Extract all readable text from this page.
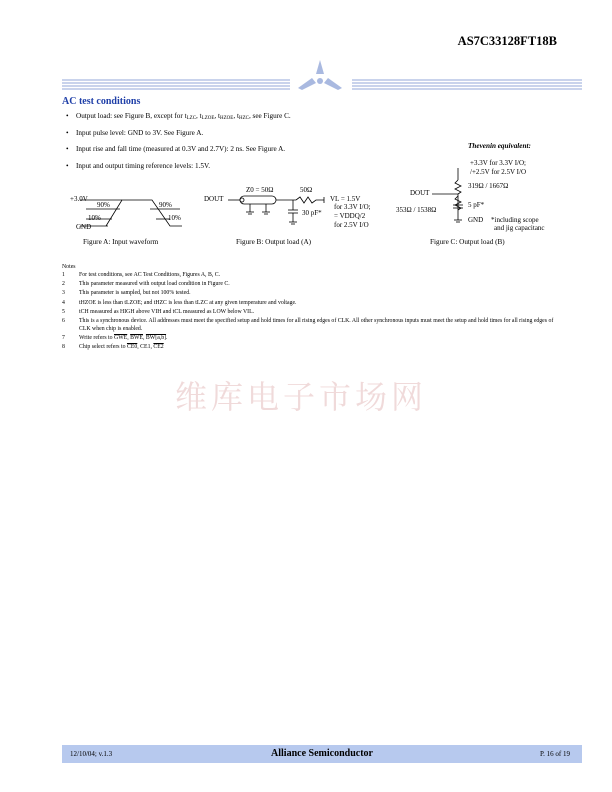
AS7C33128FT18B
AC test conditions
• Output load: see Figure B, except for $t_{LZC}$, $t_{LZOE}$, $t_{HZOE}$, $t_{HZC}$, see Figure C.
• Input pulse level: GND to 3V. See Figure A.
• Input rise and fall time (measured at 0.3V and 2.7V): 2 ns. See Figure A.
• Input and output timing reference levels: 1.5V.
Thevenin equivalent:
+3.0V
GND
90%	90%
10%	10%
DOUT
Z0 = 50Ω	50Ω
VL = 1.5V
for 3.3V I/O;
= VDDQ/2
for 2.5V I/O
30 pF*
+3.3V for 3.3V I/O;
/+2.5V for 2.5V I/O
319Ω / 1667Ω
DOUT
353Ω / 1538Ω
5 pF*
GND *including scope
and jig capacitanc
Figure A: Input waveform	Figure B: Output load (A)	Figure C: Output load (B)
Notes
1 For test conditions, see AC Test Conditions, Figures A, B, C.
2 This parameter measured with output load condition in Figure C.
3 This parameter is sampled, but not 100% tested.
4 tHZOE is less than tLZOE; and tHZC is less than tLZC at any given temperature and voltage.
5 tCH measured as HIGH above VIH and tCL measured as LOW below VIL.
6 This is a synchronous device. All addresses must meet the specified setup and hold times for all rising edges of CLK. All other synchronous inputs must meet the setup and hold times for all rising edges of CLK when chip is enabled.
7 Write refers to $\overline{GWE}$, $\overline{BWE}$, BW[a,b].
8 Chip select refers to CE0, CE1, CE2
维库电子市场网
12/10/04; v.1.3	Alliance Semiconductor	P. 16 of 19
